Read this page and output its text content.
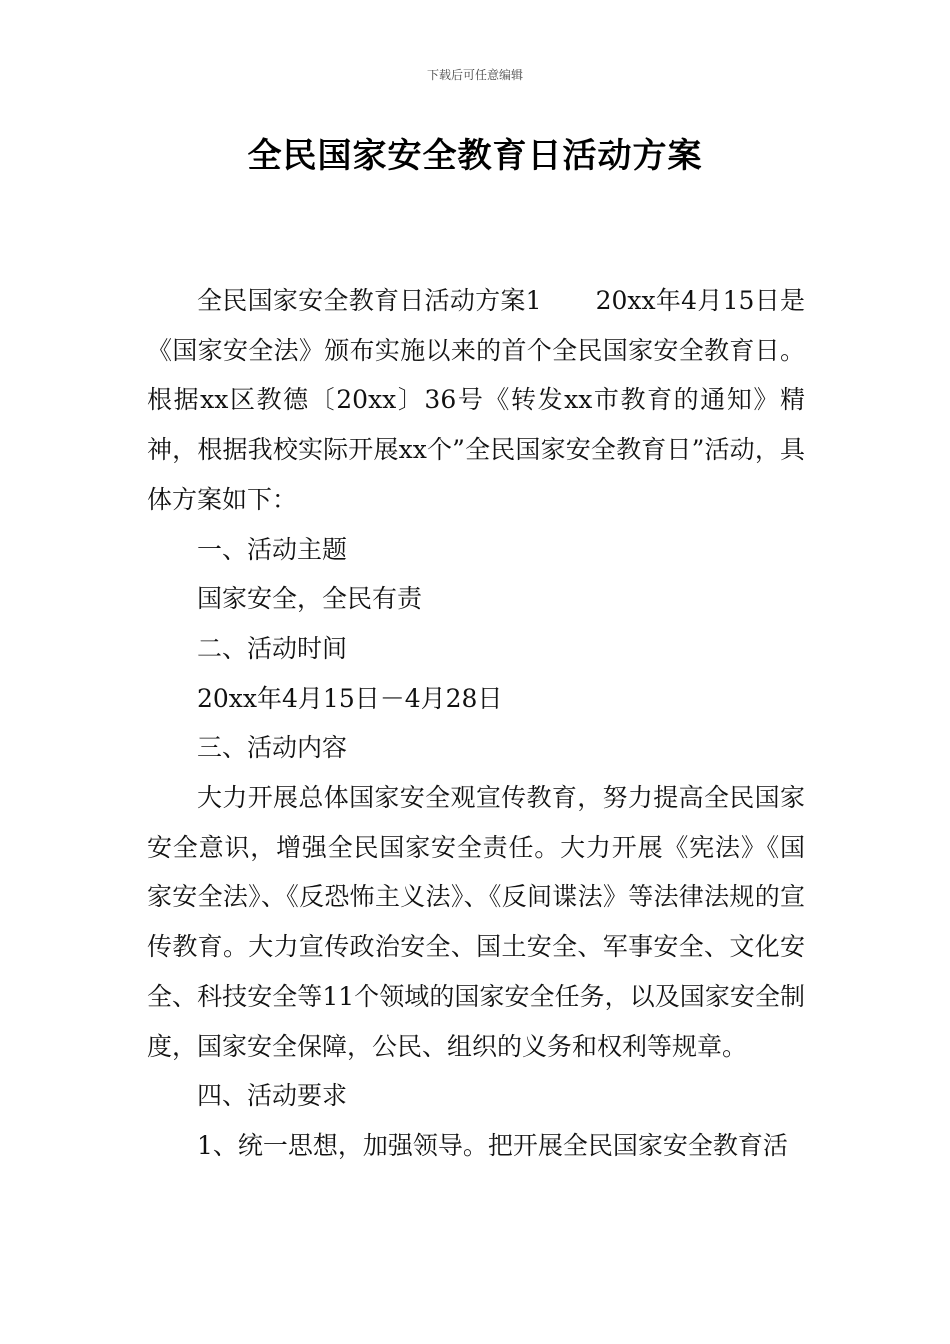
下载后可任意编辑
全民国家安全教育日活动方案

全民国家安全教育日活动方案1 20xx年4月15日是《国家安全法》颁布实施以来的首个全民国家安全教育日。根据xx区教德〔20xx〕36号《转发xx市教育的通知》精神，根据我校实际开展xx个”全民国家安全教育日”活动，具体方案如下：

一、活动主题

国家安全，全民有责

二、活动时间

20xx年4月15日－4月28日

三、活动内容

大力开展总体国家安全观宣传教育，努力提高全民国家安全意识，增强全民国家安全责任。大力开展《宪法》《国家安全法》、《反恐怖主义法》、《反间谍法》等法律法规的宣传教育。大力宣传政治安全、国土安全、军事安全、文化安全、科技安全等11个领域的国家安全任务，以及国家安全制度，国家安全保障，公民、组织的义务和权利等规章。

四、活动要求

1、统一思想，加强领导。把开展全民国家安全教育活
